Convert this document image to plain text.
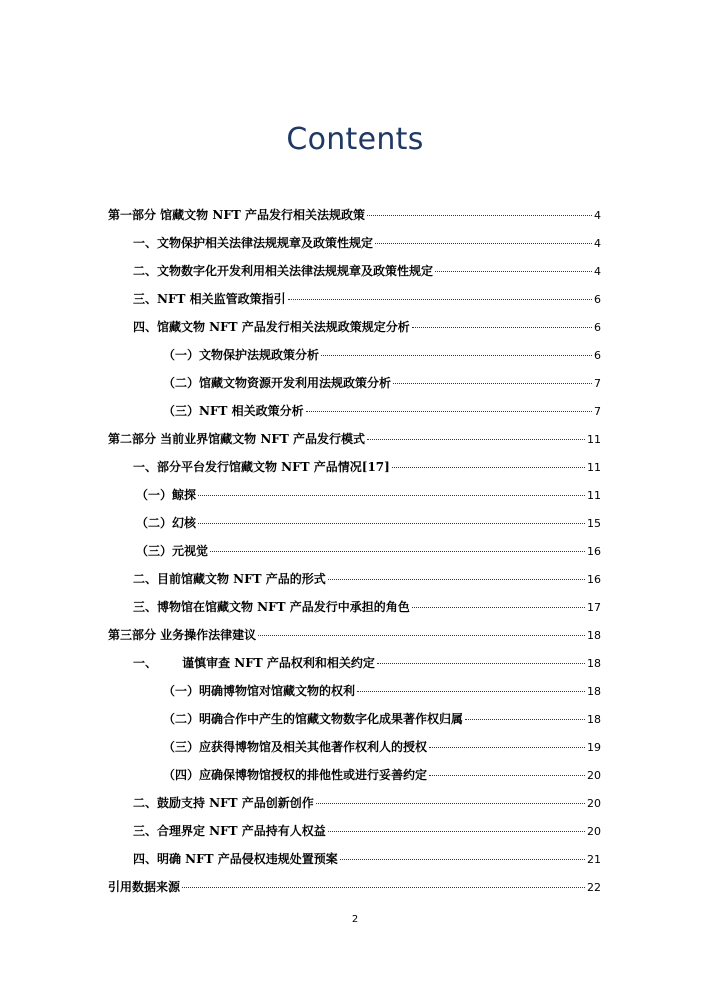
Contents
第一部分 馆藏文物 NFT 产品发行相关法规政策	4
一、文物保护相关法律法规规章及政策性规定	4
二、文物数字化开发利用相关法律法规规章及政策性规定	4
三、NFT 相关监管政策指引	6
四、馆藏文物 NFT 产品发行相关法规政策规定分析	6
（一）文物保护法规政策分析	6
（二）馆藏文物资源开发利用法规政策分析	7
（三）NFT 相关政策分析	7
第二部分 当前业界馆藏文物 NFT 产品发行模式	11
一、部分平台发行馆藏文物 NFT 产品情况[17]	11
（一）鲸探	11
（二）幻核	15
（三）元视觉	16
二、目前馆藏文物 NFT 产品的形式	16
三、博物馆在馆藏文物 NFT 产品发行中承担的角色	17
第三部分 业务操作法律建议	18
一、      谨慎审查 NFT 产品权利和相关约定	18
（一）明确博物馆对馆藏文物的权利	18
（二）明确合作中产生的馆藏文物数字化成果著作权归属	18
（三）应获得博物馆及相关其他著作权利人的授权	19
（四）应确保博物馆授权的排他性或进行妥善约定	20
二、鼓励支持 NFT 产品创新创作	20
三、合理界定 NFT 产品持有人权益	20
四、明确 NFT 产品侵权违规处置预案	21
引用数据来源	22
2
